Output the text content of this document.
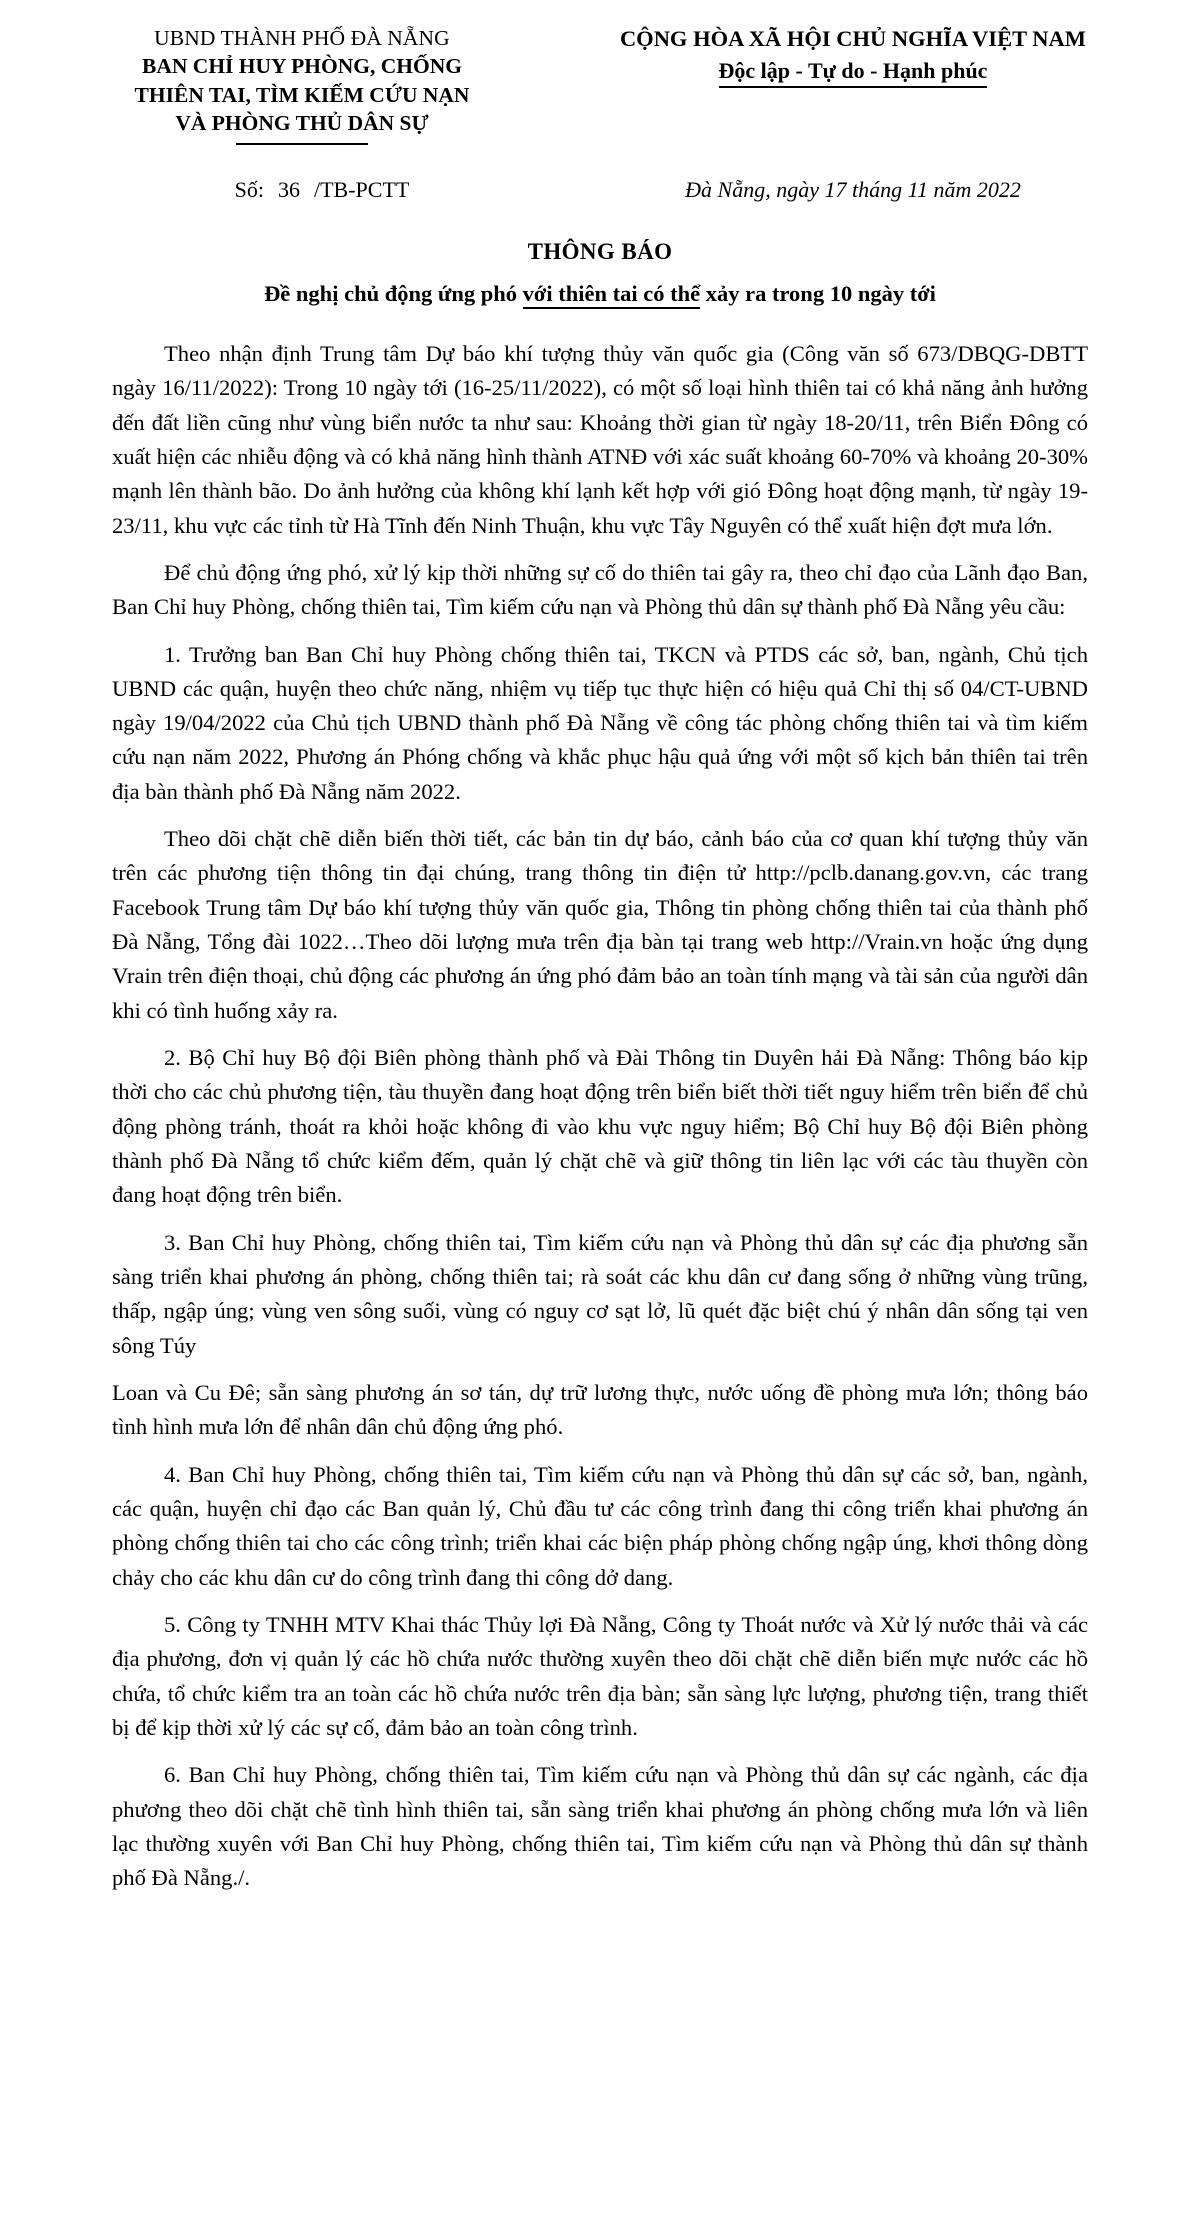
UBND THÀNH PHỐ ĐÀ NẴNG
BAN CHỈ HUY PHÒNG, CHỐNG
THIÊN TAI, TÌM KIẾM CỨU NẠN
VÀ PHÒNG THỦ DÂN SỰ
CỘNG HÒA XÃ HỘI CHỦ NGHĨA VIỆT NAM
Độc lập - Tự do - Hạnh phúc
Số: 36 /TB-PCTT	Đà Nẵng, ngày 17 tháng 11 năm 2022
THÔNG BÁO
Đề nghị chủ động ứng phó với thiên tai có thể xảy ra trong 10 ngày tới

Theo nhận định Trung tâm Dự báo khí tượng thủy văn quốc gia (Công văn số 673/DBQG-DBTT ngày 16/11/2022): Trong 10 ngày tới (16-25/11/2022), có một số loại hình thiên tai có khả năng ảnh hưởng đến đất liền cũng như vùng biển nước ta như sau: Khoảng thời gian từ ngày 18-20/11, trên Biển Đông có xuất hiện các nhiễu động và có khả năng hình thành ATNĐ với xác suất khoảng 60-70% và khoảng 20-30% mạnh lên thành bão. Do ảnh hưởng của không khí lạnh kết hợp với gió Đông hoạt động mạnh, từ ngày 19-23/11, khu vực các tỉnh từ Hà Tĩnh đến Ninh Thuận, khu vực Tây Nguyên có thể xuất hiện đợt mưa lớn.

Để chủ động ứng phó, xử lý kịp thời những sự cố do thiên tai gây ra, theo chỉ đạo của Lãnh đạo Ban, Ban Chỉ huy Phòng, chống thiên tai, Tìm kiếm cứu nạn và Phòng thủ dân sự thành phố Đà Nẵng yêu cầu:

1. Trưởng ban Ban Chỉ huy Phòng chống thiên tai, TKCN và PTDS các sở, ban, ngành, Chủ tịch UBND các quận, huyện theo chức năng, nhiệm vụ tiếp tục thực hiện có hiệu quả Chỉ thị số 04/CT-UBND ngày 19/04/2022 của Chủ tịch UBND thành phố Đà Nẵng về công tác phòng chống thiên tai và tìm kiếm cứu nạn năm 2022, Phương án Phóng chống và khắc phục hậu quả ứng với một số kịch bản thiên tai trên địa bàn thành phố Đà Nẵng năm 2022.

Theo dõi chặt chẽ diễn biến thời tiết, các bản tin dự báo, cảnh báo của cơ quan khí tượng thủy văn trên các phương tiện thông tin đại chúng, trang thông tin điện tử http://pclb.danang.gov.vn, các trang Facebook Trung tâm Dự báo khí tượng thủy văn quốc gia, Thông tin phòng chống thiên tai của thành phố Đà Nẵng, Tổng đài 1022…Theo dõi lượng mưa trên địa bàn tại trang web http://Vrain.vn hoặc ứng dụng Vrain trên điện thoại, chủ động các phương án ứng phó đảm bảo an toàn tính mạng và tài sản của người dân khi có tình huống xảy ra.

2. Bộ Chỉ huy Bộ đội Biên phòng thành phố và Đài Thông tin Duyên hải Đà Nẵng: Thông báo kịp thời cho các chủ phương tiện, tàu thuyền đang hoạt động trên biển biết thời tiết nguy hiểm trên biển để chủ động phòng tránh, thoát ra khỏi hoặc không đi vào khu vực nguy hiểm; Bộ Chỉ huy Bộ đội Biên phòng thành phố Đà Nẵng tổ chức kiểm đếm, quản lý chặt chẽ và giữ thông tin liên lạc với các tàu thuyền còn đang hoạt động trên biển.

3. Ban Chỉ huy Phòng, chống thiên tai, Tìm kiếm cứu nạn và Phòng thủ dân sự các địa phương sẵn sàng triển khai phương án phòng, chống thiên tai; rà soát các khu dân cư đang sống ở những vùng trũng, thấp, ngập úng; vùng ven sông suối, vùng có nguy cơ sạt lở, lũ quét đặc biệt chú ý nhân dân sống tại ven sông Túy

Loan và Cu Đê; sẵn sàng phương án sơ tán, dự trữ lương thực, nước uống đề phòng mưa lớn; thông báo tình hình mưa lớn để nhân dân chủ động ứng phó.

4. Ban Chỉ huy Phòng, chống thiên tai, Tìm kiếm cứu nạn và Phòng thủ dân sự các sở, ban, ngành, các quận, huyện chỉ đạo các Ban quản lý, Chủ đầu tư các công trình đang thi công triển khai phương án phòng chống thiên tai cho các công trình; triển khai các biện pháp phòng chống ngập úng, khơi thông dòng chảy cho các khu dân cư do công trình đang thi công dở dang.

5. Công ty TNHH MTV Khai thác Thủy lợi Đà Nẵng, Công ty Thoát nước và Xử lý nước thải và các địa phương, đơn vị quản lý các hồ chứa nước thường xuyên theo dõi chặt chẽ diễn biến mực nước các hồ chứa, tổ chức kiểm tra an toàn các hồ chứa nước trên địa bàn; sẵn sàng lực lượng, phương tiện, trang thiết bị để kịp thời xử lý các sự cố, đảm bảo an toàn công trình.

6. Ban Chỉ huy Phòng, chống thiên tai, Tìm kiếm cứu nạn và Phòng thủ dân sự các ngành, các địa phương theo dõi chặt chẽ tình hình thiên tai, sẵn sàng triển khai phương án phòng chống mưa lớn và liên lạc thường xuyên với Ban Chỉ huy Phòng, chống thiên tai, Tìm kiếm cứu nạn và Phòng thủ dân sự thành phố Đà Nẵng./.
